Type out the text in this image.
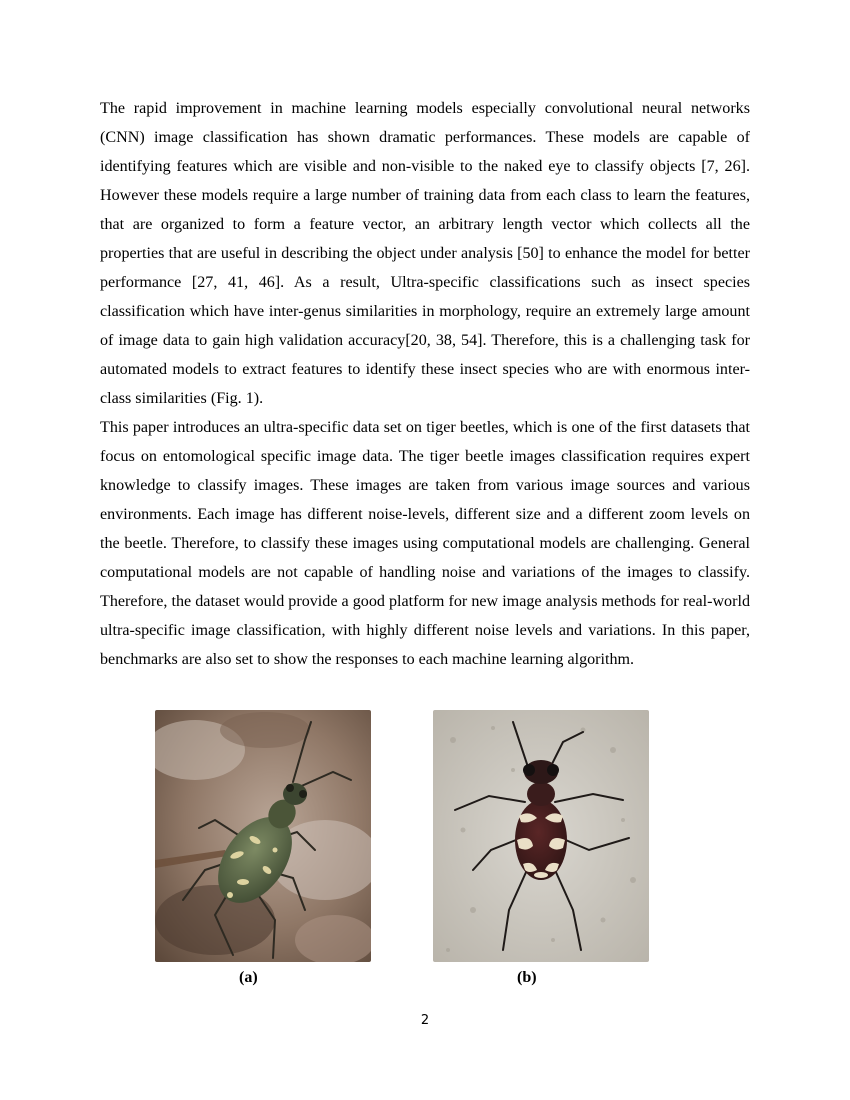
The rapid improvement in machine learning models especially convolutional neural networks (CNN) image classification has shown dramatic performances. These models are capable of identifying features which are visible and non-visible to the naked eye to classify objects [7, 26]. However these models require a large number of training data from each class to learn the features, that are organized to form a feature vector, an arbitrary length vector which collects all the properties that are useful in describing the object under analysis [50] to enhance the model for better performance [27, 41, 46]. As a result, Ultra-specific classifications such as insect species classification which have inter-genus similarities in morphology, require an extremely large amount of image data to gain high validation accuracy[20, 38, 54]. Therefore, this is a challenging task for automated models to extract features to identify these insect species who are with enormous inter-class similarities (Fig. 1).

This paper introduces an ultra-specific data set on tiger beetles, which is one of the first datasets that focus on entomological specific image data. The tiger beetle images classification requires expert knowledge to classify images. These images are taken from various image sources and various environments. Each image has different noise-levels, different size and a different zoom levels on the beetle. Therefore, to classify these images using computational models are challenging. General computational models are not capable of handling noise and variations of the images to classify. Therefore, the dataset would provide a good platform for new image analysis methods for real-world ultra-specific image classification, with highly different noise levels and variations. In this paper, benchmarks are also set to show the responses to each machine learning algorithm.

(a)	(b)
2
